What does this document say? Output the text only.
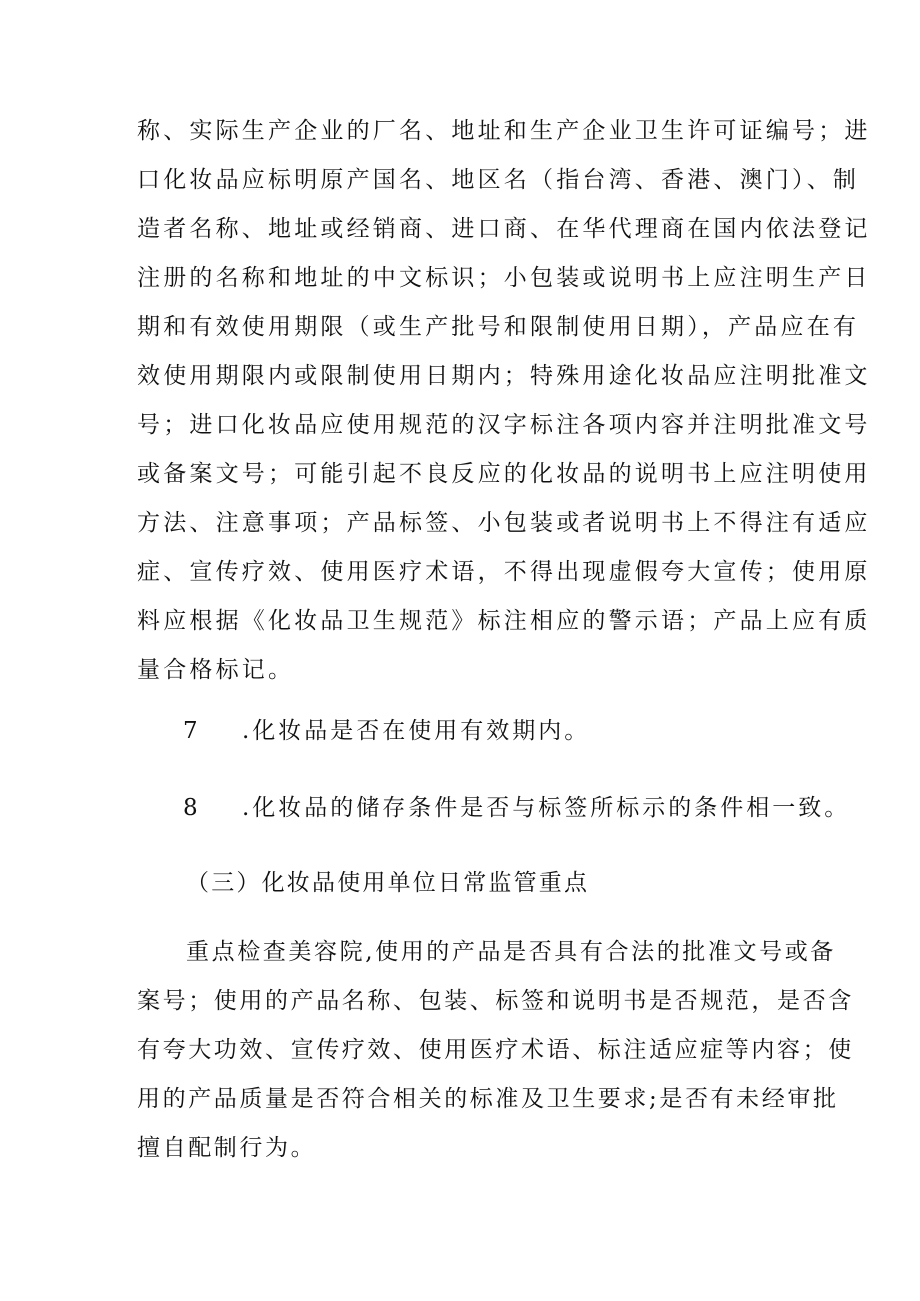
称、实际生产企业的厂名、地址和生产企业卫生许可证编号；进
口化妆品应标明原产国名、地区名（指台湾、香港、澳门）、制
造者名称、地址或经销商、进口商、在华代理商在国内依法登记
注册的名称和地址的中文标识；小包装或说明书上应注明生产日
期和有效使用期限（或生产批号和限制使用日期），产品应在有
效使用期限内或限制使用日期内；特殊用途化妆品应注明批准文
号；进口化妆品应使用规范的汉字标注各项内容并注明批准文号
或备案文号；可能引起不良反应的化妆品的说明书上应注明使用
方法、注意事项；产品标签、小包装或者说明书上不得注有适应
症、宣传疗效、使用医疗术语，不得出现虚假夸大宣传；使用原
料应根据《化妆品卫生规范》标注相应的警示语；产品上应有质
量合格标记。
7 .化妆品是否在使用有效期内。
8 .化妆品的储存条件是否与标签所标示的条件相一致。
（三）化妆品使用单位日常监管重点
重点检查美容院,使用的产品是否具有合法的批准文号或备
案号；使用的产品名称、包装、标签和说明书是否规范，是否含
有夸大功效、宣传疗效、使用医疗术语、标注适应症等内容；使
用的产品质量是否符合相关的标准及卫生要求;是否有未经审批
擅自配制行为。
